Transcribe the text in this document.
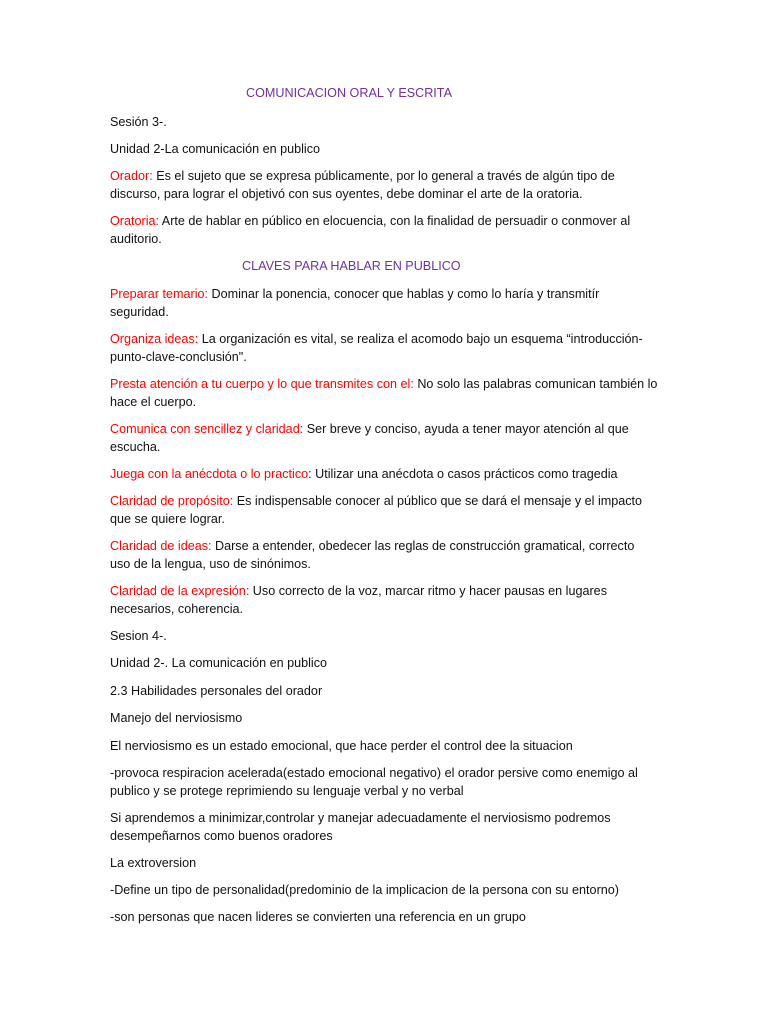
COMUNICACION ORAL Y ESCRITA

Sesión 3-.

Unidad 2-La comunicación en publico

Orador: Es el sujeto que se expresa públicamente, por lo general a través de algún tipo de discurso, para lograr el objetivó con sus oyentes, debe dominar el arte de la oratoria.

Oratoria: Arte de hablar en público en elocuencia, con la finalidad de persuadir o conmover al auditorio.

CLAVES PARA HABLAR EN PUBLICO

Preparar temario: Dominar la ponencia, conocer que hablas y como lo haría y transmitír seguridad.

Organiza ideas: La organización es vital, se realiza el acomodo bajo un esquema “introducción-punto-clave-conclusión".

Presta atención a tu cuerpo y lo que transmites con el: No solo las palabras comunican también lo hace el cuerpo.

Comunica con sencillez y claridad: Ser breve y conciso, ayuda a tener mayor atención al que escucha.

Juega con la anécdota o lo practico: Utilizar una anécdota o casos prácticos como tragedia

Claridad de propósito: Es indispensable conocer al público que se dará el mensaje y el impacto que se quiere lograr.

Claridad de ideas: Darse a entender, obedecer las reglas de construcción gramatical, correcto uso de la lengua, uso de sinónimos.

Claridad de la expresión: Uso correcto de la voz, marcar ritmo y hacer pausas en lugares necesarios, coherencia.

Sesion 4-.

Unidad 2-. La comunicación en publico

2.3 Habilidades personales del orador

Manejo del nerviosismo

El nerviosismo es un estado emocional, que hace perder el control dee la situacion

-provoca respiracion acelerada(estado emocional negativo) el orador persive como enemigo al publico y se protege reprimiendo su lenguaje verbal y no verbal

Si aprendemos a minimizar,controlar y manejar adecuadamente el nerviosismo podremos desempeñarnos como buenos oradores

La extroversion

-Define un tipo de personalidad(predominio de la implicacion de la persona con su entorno)

-son personas que nacen lideres se convierten una referencia en un grupo
